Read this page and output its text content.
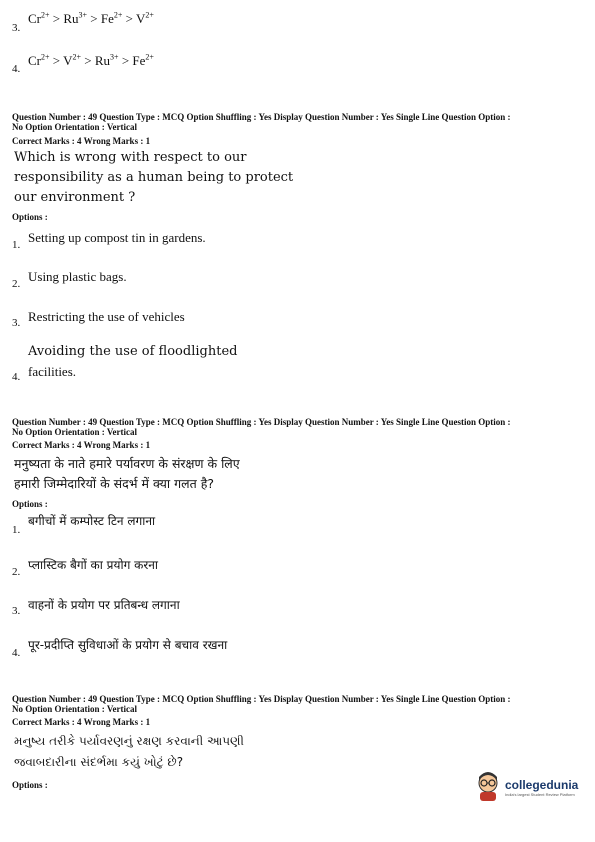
3.
$Cr^{2+} > Ru^{3+} > Fe^{2+} > V^{2+}$
4.
$Cr^{2+} > V^{2+} > Ru^{3+} > Fe^{2+}$
Question Number : 49 Question Type : MCQ Option Shuffling : Yes Display Question Number : Yes Single Line Question Option :
No Option Orientation : Vertical
Correct Marks : 4 Wrong Marks : 1
Which is wrong with respect to our
responsibility as a human being to protect
our environment ?
Options :
1. Setting up compost tin in gardens.
2. Using plastic bags.
3. Restricting the use of vehicles
Avoiding the use of floodlighted
4. facilities.
Question Number : 49 Question Type : MCQ Option Shuffling : Yes Display Question Number : Yes Single Line Question Option :
No Option Orientation : Vertical
Correct Marks : 4 Wrong Marks : 1
मनुष्यता के नाते हमारे पर्यावरण के संरक्षण के लिए
हमारी जिम्मेदारियों के संदर्भ में क्या गलत है?
Options :
1.
बगीचों में कम्पोस्ट टिन लगाना
2. प्लास्टिक बैगों का प्रयोग करना
3. वाहनों के प्रयोग पर प्रतिबन्ध लगाना
4.
पूर-प्रदीप्ति सुविधाओं के प्रयोग से बचाव रखना
Question Number : 49 Question Type : MCQ Option Shuffling : Yes Display Question Number : Yes Single Line Question Option :
No Option Orientation : Vertical
Correct Marks : 4 Wrong Marks : 1
મનુષ્ય તરીકે પર્યાવરણનું રક્ષણ કરવાની આપણી
જવાબદારીના સંદર્ભમા કયું ખોટું છે?
Options :	collegedunia
India's largest Student Review Platform
